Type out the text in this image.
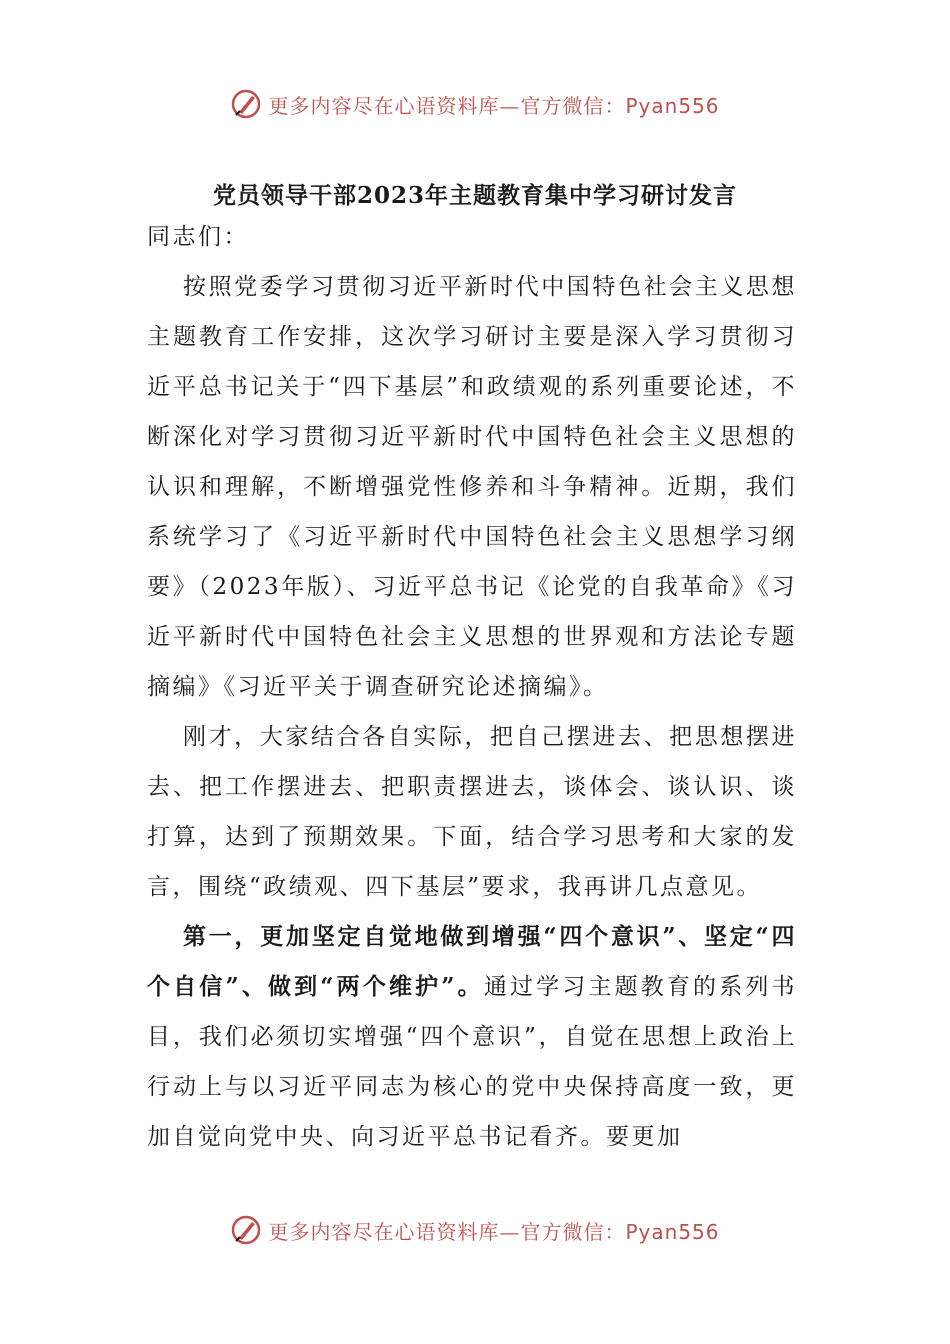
更多内容尽在心语资料库—官方微信：Pyan556
党员领导干部2023年主题教育集中学习研讨发言

同志们：

按照党委学习贯彻习近平新时代中国特色社会主义思想主题教育工作安排，这次学习研讨主要是深入学习贯彻习近平总书记关于“四下基层”和政绩观的系列重要论述，不断深化对学习贯彻习近平新时代中国特色社会主义思想的认识和理解，不断增强党性修养和斗争精神。近期，我们系统学习了《习近平新时代中国特色社会主义思想学习纲要》（2023年版）、习近平总书记《论党的自我革命》《习近平新时代中国特色社会主义思想的世界观和方法论专题摘编》《习近平关于调查研究论述摘编》。

刚才，大家结合各自实际，把自己摆进去、把思想摆进去、把工作摆进去、把职责摆进去，谈体会、谈认识、谈打算，达到了预期效果。下面，结合学习思考和大家的发言，围绕“政绩观、四下基层”要求，我再讲几点意见。

第一，更加坚定自觉地做到增强“四个意识”、坚定“四个自信”、做到“两个维护”。通过学习主题教育的系列书目，我们必须切实增强“四个意识”，自觉在思想上政治上行动上与以习近平同志为核心的党中央保持高度一致，更加自觉向党中央、向习近平总书记看齐。要更加

更多内容尽在心语资料库—官方微信：Pyan556
